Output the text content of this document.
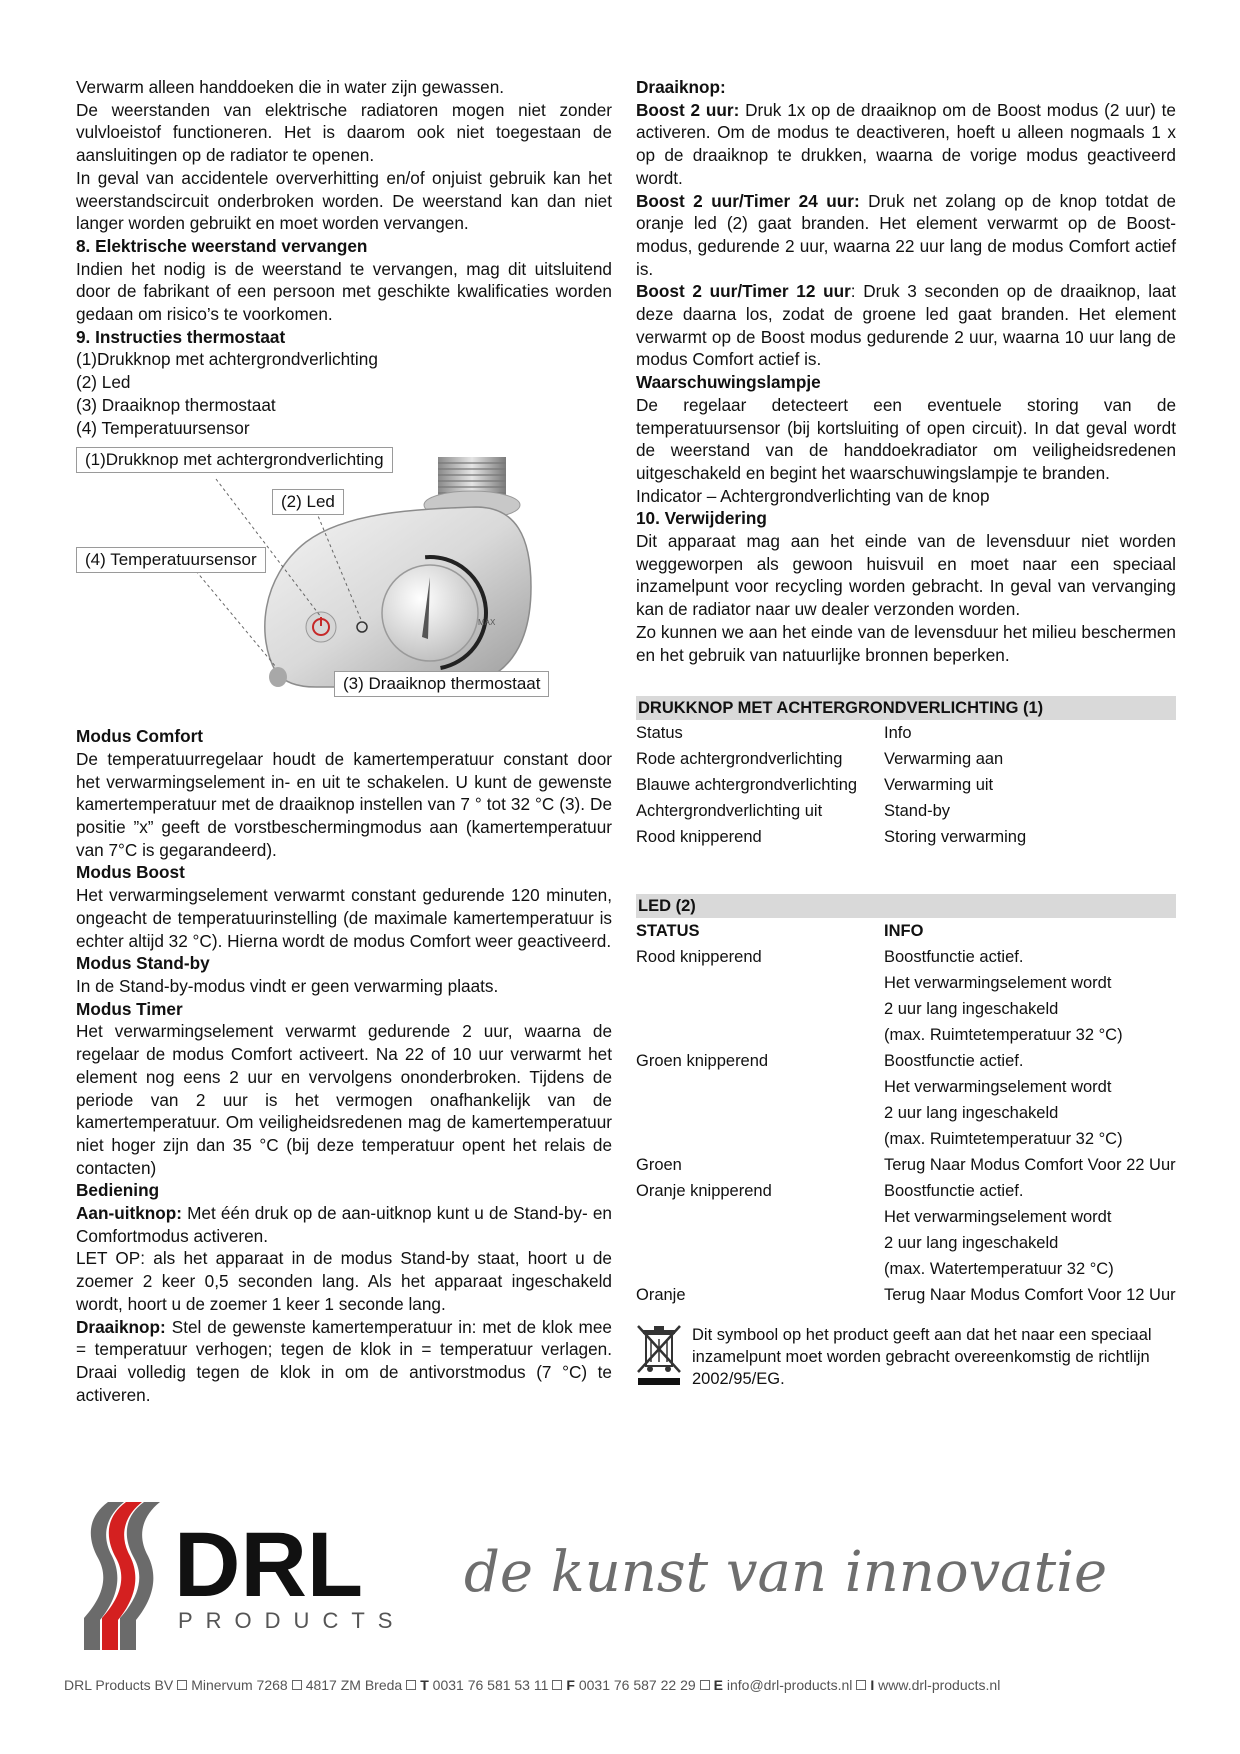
Verwarm alleen handdoeken die in water zijn gewassen.

De weerstanden van elektrische radiatoren mogen niet zonder vulvloeistof functioneren. Het is daarom ook niet toegestaan de aansluitingen op de radiator te openen.

In geval van accidentele oververhitting en/of onjuist gebruik kan het weerstandscircuit onderbroken worden. De weerstand kan dan niet langer worden gebruikt en moet worden vervangen.

8. Elektrische weerstand vervangen

Indien het nodig is de weerstand te vervangen, mag dit uitsluitend door de fabrikant of een persoon met geschikte kwalificaties worden gedaan om risico’s te voorkomen.

9. Instructies thermostaat

(1)Drukknop met achtergrondverlichting

(2) Led

(3) Draaiknop thermostaat

(4) Temperatuursensor

MAX
(1)Drukknop met achtergrondverlichting
(2) Led
(4) Temperatuursensor
(3) Draaiknop thermostaat

Modus Comfort

De temperatuurregelaar houdt de kamertemperatuur constant door het verwarmingselement in- en uit te schakelen. U kunt de gewenste kamertemperatuur met de draaiknop instellen van 7 ° tot 32 °C (3). De positie ”x” geeft de vorstbeschermingmodus aan (kamertemperatuur van 7°C is gegarandeerd).

Modus Boost

Het verwarmingselement verwarmt constant gedurende 120 minuten, ongeacht de temperatuurinstelling (de maximale kamertemperatuur is echter altijd 32 °C). Hierna wordt de modus Comfort weer geactiveerd.

Modus Stand-by

In de Stand-by-modus vindt er geen verwarming plaats.

Modus Timer

Het verwarmingselement verwarmt gedurende 2 uur, waarna de regelaar de modus Comfort activeert. Na 22 of 10 uur verwarmt het element nog eens 2 uur en vervolgens ononderbroken. Tijdens de periode van 2 uur is het vermogen onafhankelijk van de kamertemperatuur. Om veiligheidsredenen mag de kamertemperatuur niet hoger zijn dan 35 °C (bij deze temperatuur opent het relais de contacten)

Bediening

Aan-uitknop: Met één druk op de aan-uitknop kunt u de Stand-by- en Comfortmodus activeren.

LET OP: als het apparaat in de modus Stand-by staat, hoort u de zoemer 2 keer 0,5 seconden lang. Als het apparaat ingeschakeld wordt, hoort u de zoemer 1 keer 1 seconde lang.

Draaiknop: Stel de gewenste kamertemperatuur in: met de klok mee = temperatuur verhogen; tegen de klok in = temperatuur verlagen. Draai volledig tegen de klok in om de antivorstmodus (7 °C) te activeren.

Draaiknop:

Boost 2 uur: Druk 1x op de draaiknop om de Boost modus (2 uur) te activeren. Om de modus te deactiveren, hoeft u alleen nogmaals 1 x op de draaiknop te drukken, waarna de vorige modus geactiveerd wordt.

Boost 2 uur/Timer 24 uur: Druk net zolang op de knop totdat de oranje led (2) gaat branden. Het element verwarmt op de Boost-modus, gedurende 2 uur, waarna 22 uur lang de modus Comfort actief is.

Boost 2 uur/Timer 12 uur: Druk 3 seconden op de draaiknop, laat deze daarna los, zodat de groene led gaat branden. Het element verwarmt op de Boost modus gedurende 2 uur, waarna 10 uur lang de modus Comfort actief is.

Waarschuwingslampje

De regelaar detecteert een eventuele storing van de temperatuursensor (bij kortsluiting of open circuit). In dat geval wordt de weerstand van de handdoekradiator om veiligheidsredenen uitgeschakeld en begint het waarschuwingslampje te branden.

Indicator – Achtergrondverlichting van de knop

10. Verwijdering

Dit apparaat mag aan het einde van de levensduur niet worden weggeworpen als gewoon huisvuil en moet naar een speciaal inzamelpunt voor recycling worden gebracht. In geval van vervanging kan de radiator naar uw dealer verzonden worden.

Zo kunnen we aan het einde van de levensduur het milieu beschermen en het gebruik van natuurlijke bronnen beperken.

DRUKKNOP MET ACHTERGRONDVERLICHTING (1)
Status	Info
Rode achtergrondverlichting	Verwarming aan
Blauwe achtergrondverlichting	Verwarming uit
Achtergrondverlichting uit	Stand-by
Rood knipperend	Storing verwarming
LED (2)
STATUS	INFO
Rood knipperend	Boostfunctie actief.
Het verwarmingselement wordt
2 uur lang ingeschakeld
(max. Ruimtetemperatuur 32 °C)
Groen knipperend	Boostfunctie actief.
Het verwarmingselement wordt
2 uur lang ingeschakeld
(max. Ruimtetemperatuur 32 °C)
Groen	Terug Naar Modus Comfort Voor 22 Uur
Oranje knipperend	Boostfunctie actief.
Het verwarmingselement wordt
2 uur lang ingeschakeld
(max. Watertemperatuur 32 °C)
Oranje	Terug Naar Modus Comfort Voor 12 Uur
Dit symbool op het product geeft aan dat het naar een speciaal inzamelpunt moet worden gebracht overeenkomstig de richtlijn 2002/95/EG.
DRL
PRODUCTS
de kunst van innovatie
DRL Products BV Minervum 7268 4817 ZM Breda T 0031 76 581 53 11 F 0031 76 587 22 29 E info@drl-products.nl I www.drl-products.nl
